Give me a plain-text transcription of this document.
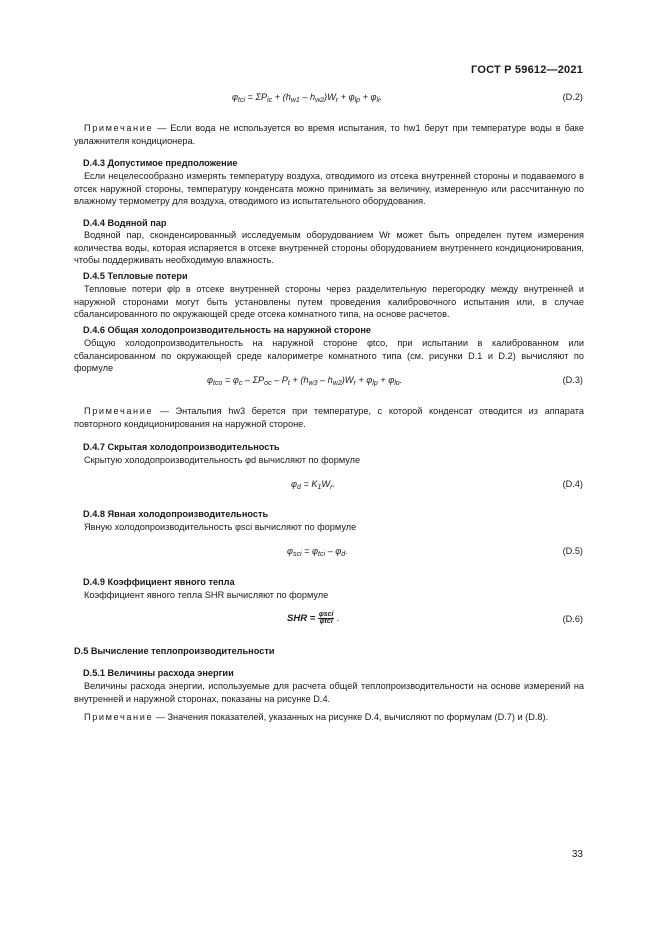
ГОСТ Р 59612—2021
$\varphi_{tci} = \Sigma P_{ic} + (h_{w1} - h_{w2})W_r + \varphi_{lp} + \varphi_{li}$.	(D.2)
Примечание — Если вода не используется во время испытания, то hw1 берут при температуре воды в баке увлажнителя кондиционера.
D.4.3 Допустимое предположение
Если нецелесообразно измерять температуру воздуха, отводимого из отсека внутренней стороны и подаваемого в отсек наружной стороны, температуру конденсата можно принимать за величину, измеренную или рассчитанную по влажному термометру для воздуха, отводимого из испытательного оборудования.
D.4.4 Водяной пар
Водяной пар, сконденсированный исследуемым оборудованием Wr может быть определен путем измерения количества воды, которая испаряется в отсеке внутренней стороны оборудованием внутреннего кондиционирования, чтобы поддерживать необходимую влажность.
D.4.5 Тепловые потери
Тепловые потери φlp в отсеке внутренней стороны через разделительную перегородку между внутренней и наружной сторонами могут быть установлены путем проведения калибровочного испытания или, в случае сбалансированного по окружающей среде отсека комнатного типа, на основе расчетов.
D.4.6 Общая холодопроизводительность на наружной стороне
Общую холодопроизводительность на наружной стороне φtco, при испытании в калиброванном или сбалансированном по окружающей среде калориметре комнатного типа (см. рисунки D.1 и D.2) вычисляют по формуле
$\varphi_{tco} = \varphi_c - \Sigma P_{oc} - P_t + (h_{w3} - h_{w2})W_r + \varphi_{lp} + \varphi_{lo}$.	(D.3)
Примечание — Энтальпия hw3 берется при температуре, с которой конденсат отводится из аппарата повторного кондиционирования на наружной стороне.
D.4.7 Скрытая холодопроизводительность
Скрытую холодопроизводительность φd вычисляют по формуле
$\varphi_d = K_1W_r$.	(D.4)
D.4.8 Явная холодопроизводительность
Явную холодопроизводительность φsci вычисляют по формуле
$\varphi_{sci} = \varphi_{tci} - \varphi_d$.	(D.5)
D.4.9 Коэффициент явного тепла
Коэффициент явного тепла SHR вычисляют по формуле
SHR = $\frac{\text{φsci}}{\text{φtci}}$ .	(D.6)
D.5 Вычисление теплопроизводительности
D.5.1 Величины расхода энергии
Величины расхода энергии, используемые для расчета общей теплопроизводительности на основе измерений на внутренней и наружной сторонах, показаны на рисунке D.4.
Примечание — Значения показателей, указанных на рисунке D.4, вычисляют по формулам (D.7) и (D.8).
33
